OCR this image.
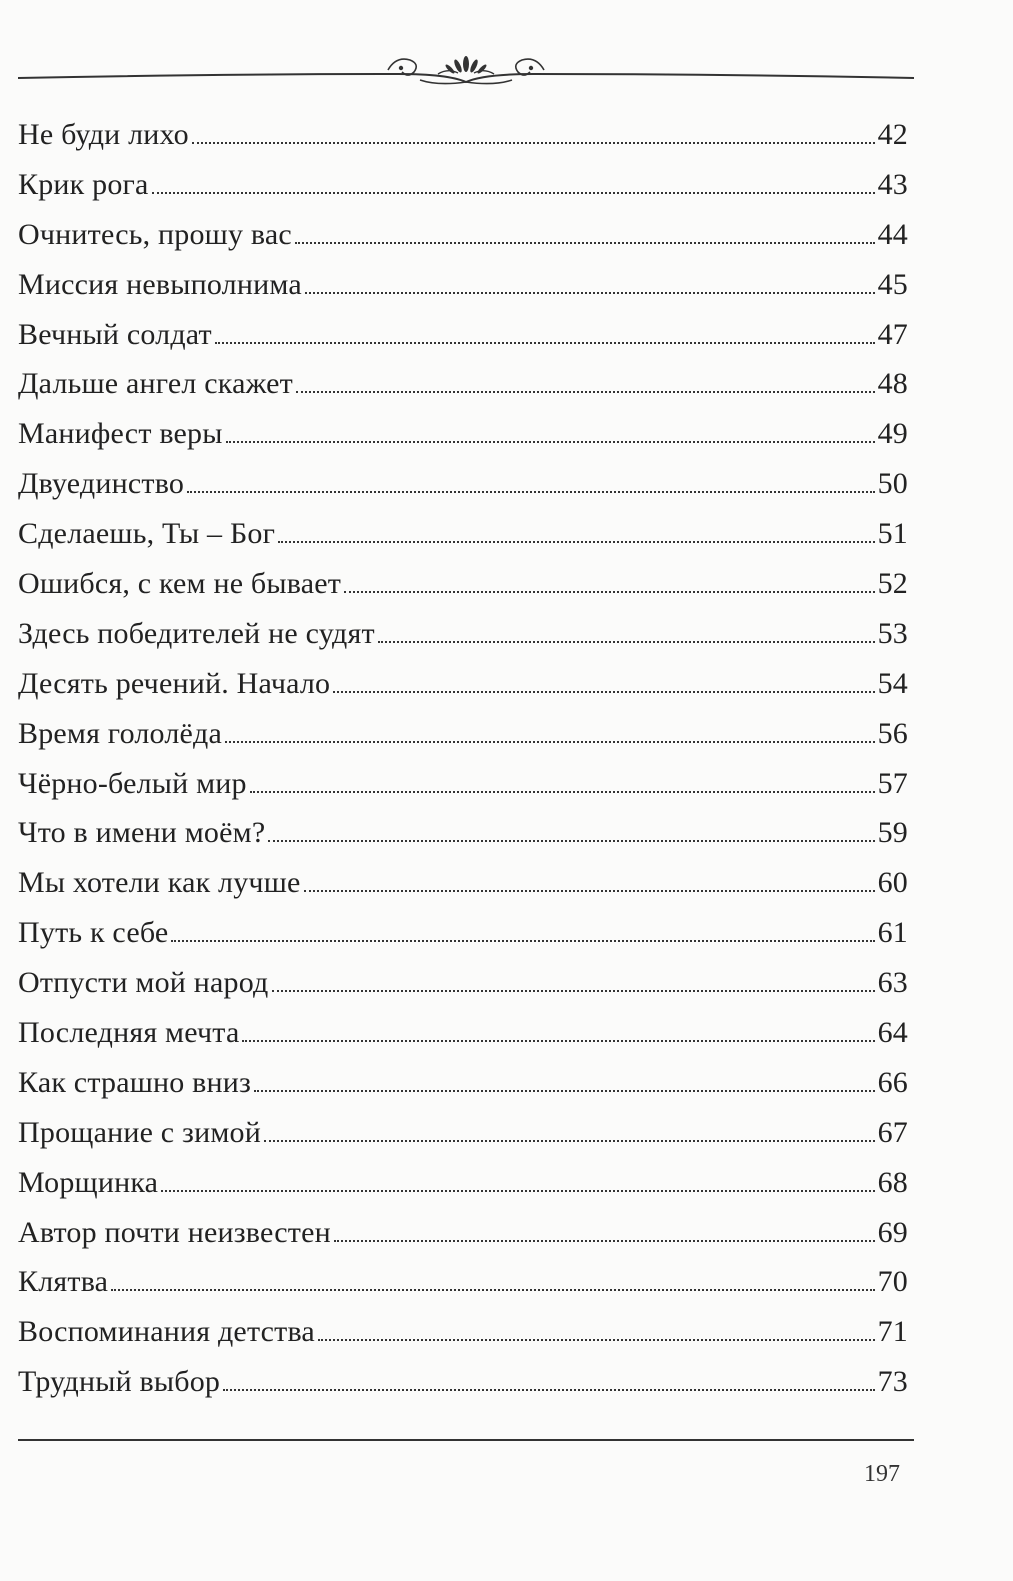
Не буди лихо	42
Крик рога	43
Очнитесь, прошу вас	44
Миссия невыполнима	45
Вечный солдат	47
Дальше ангел скажет	48
Манифест веры	49
Двуединство	50
Сделаешь, Ты – Бог	51
Ошибся, с кем не бывает	52
Здесь победителей не судят	53
Десять речений. Начало	54
Время гололёда	56
Чёрно-белый мир	57
Что в имени моём?	59
Мы хотели как лучше	60
Путь к себе	61
Отпусти мой народ	63
Последняя мечта	64
Как страшно вниз	66
Прощание с зимой	67
Морщинка	68
Автор почти неизвестен	69
Клятва	70
Воспоминания детства	71
Трудный выбор	73
197
